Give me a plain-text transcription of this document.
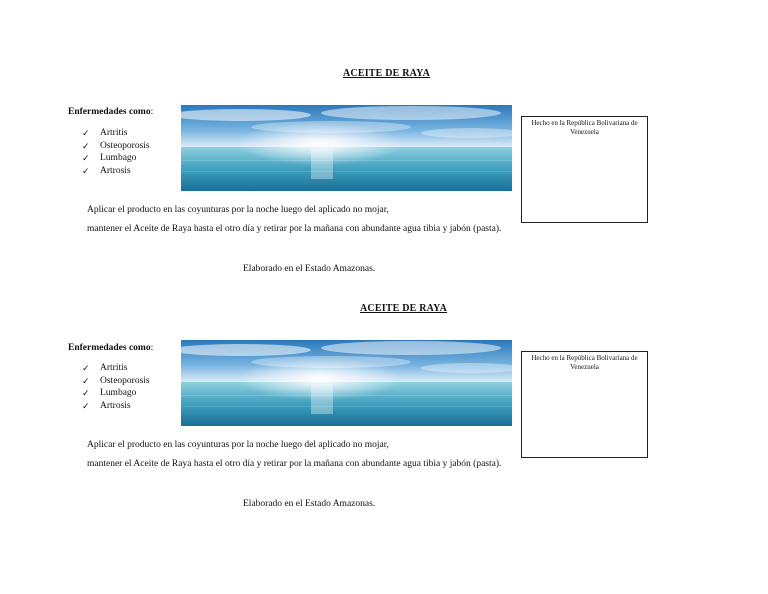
ACEITE DE RAYA
Enfermedades como:
✓ Artritis
✓ Osteoporosis
✓ Lumbago
✓ Artrosis
Hecho en la República Bolivariana de Venezuela
Aplicar el producto en las coyunturas por la noche luego del aplicado no mojar,
mantener el Aceite de Raya hasta el otro día y retirar por la mañana con abundante agua tibia y jabón (pasta).
Elaborado en el Estado Amazonas.
ACEITE DE RAYA
Enfermedades como:
✓ Artritis
✓ Osteoporosis
✓ Lumbago
✓ Artrosis
Hecho en la República Bolivariana de Venezuela
Aplicar el producto en las coyunturas por la noche luego del aplicado no mojar,
mantener el Aceite de Raya hasta el otro día y retirar por la mañana con abundante agua tibia y jabón (pasta).
Elaborado en el Estado Amazonas.
